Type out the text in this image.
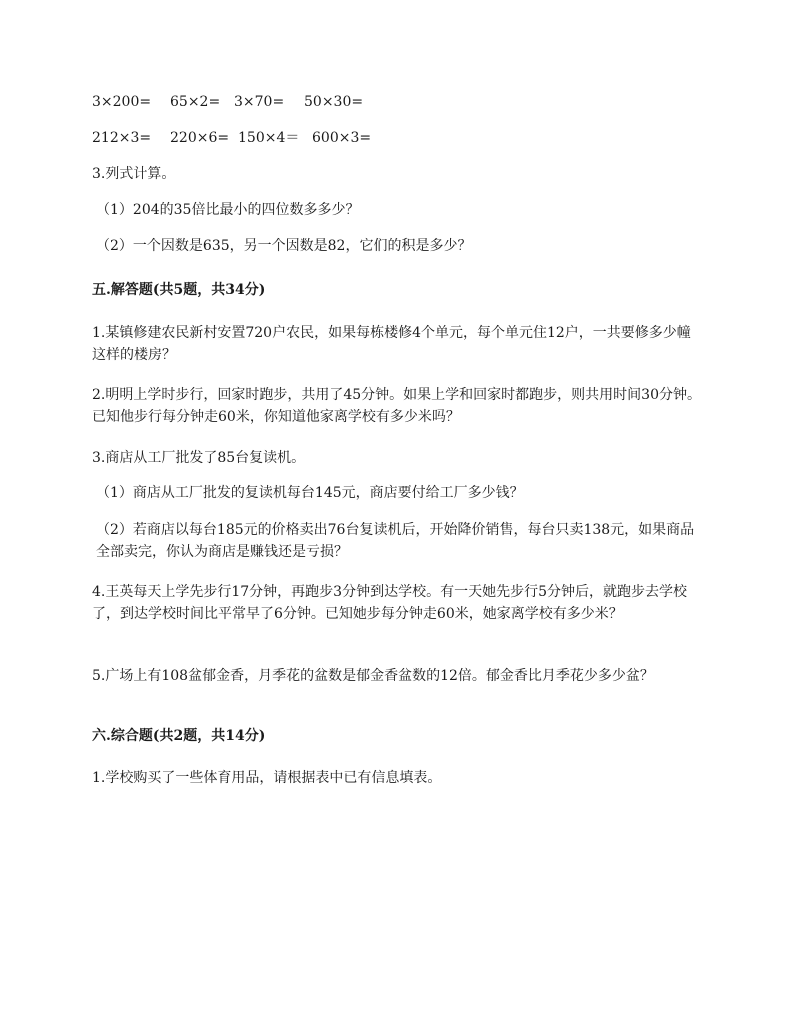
3×200= 65×2= 3×70= 50×30=
212×3= 220×6= 150×4＝ 600×3=
3.列式计算。
（1）204的35倍比最小的四位数多多少？
（2）一个因数是635，另一个因数是82，它们的积是多少？
五.解答题(共5题，共34分)
1.某镇修建农民新村安置720户农民，如果每栋楼修4个单元，每个单元住12户，一共要修多少幢这样的楼房？
2.明明上学时步行，回家时跑步，共用了45分钟。如果上学和回家时都跑步，则共用时间30分钟。已知他步行每分钟走60米，你知道他家离学校有多少米吗？
3.商店从工厂批发了85台复读机。
（1）商店从工厂批发的复读机每台145元，商店要付给工厂多少钱？
（2）若商店以每台185元的价格卖出76台复读机后，开始降价销售，每台只卖138元，如果商品全部卖完，你认为商店是赚钱还是亏损？
4.王英每天上学先步行17分钟，再跑步3分钟到达学校。有一天她先步行5分钟后，就跑步去学校了，到达学校时间比平常早了6分钟。已知她步每分钟走60米，她家离学校有多少米？
5.广场上有108盆郁金香，月季花的盆数是郁金香盆数的12倍。郁金香比月季花少多少盆？
六.综合题(共2题，共14分)
1.学校购买了一些体育用品，请根据表中已有信息填表。
